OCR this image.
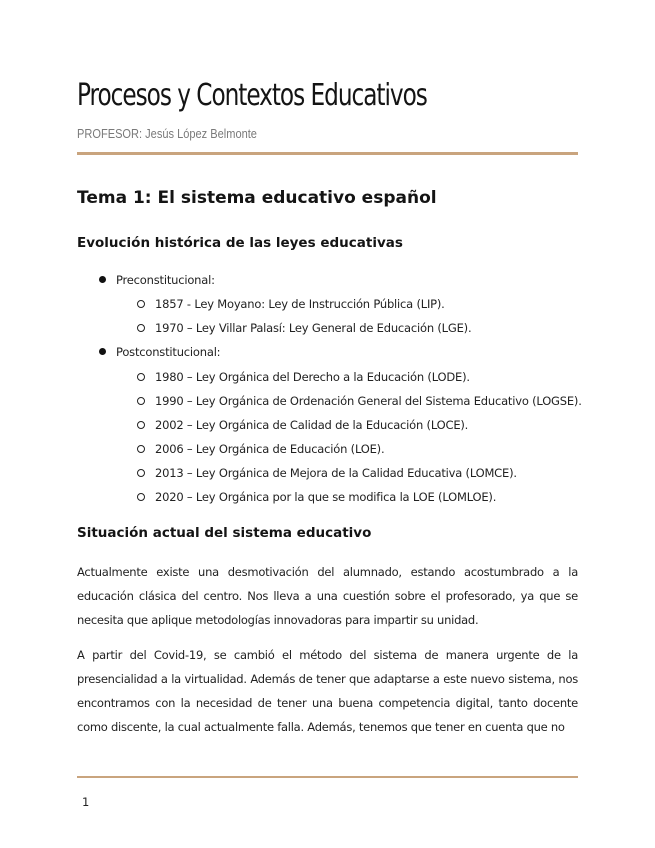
Procesos y Contextos Educativos

PROFESOR: Jesús López Belmonte

Tema 1: El sistema educativo español
Evolución histórica de las leyes educativas
Preconstitucional:
1857 - Ley Moyano: Ley de Instrucción Pública (LIP).
1970 – Ley Villar Palasí: Ley General de Educación (LGE).
Postconstitucional:
1980 – Ley Orgánica del Derecho a la Educación (LODE).
1990 – Ley Orgánica de Ordenación General del Sistema Educativo (LOGSE).
2002 – Ley Orgánica de Calidad de la Educación (LOCE).
2006 – Ley Orgánica de Educación (LOE).
2013 – Ley Orgánica de Mejora de la Calidad Educativa (LOMCE).
2020 – Ley Orgánica por la que se modifica la LOE (LOMLOE).
Situación actual del sistema educativo

Actualmente existe una desmotivación del alumnado, estando acostumbrado a la educación clásica del centro. Nos lleva a una cuestión sobre el profesorado, ya que se necesita que aplique metodologías innovadoras para impartir su unidad.

A partir del Covid-19, se cambió el método del sistema de manera urgente de la presencialidad a la virtualidad. Además de tener que adaptarse a este nuevo sistema, nos encontramos con la necesidad de tener una buena competencia digital, tanto docente como discente, la cual actualmente falla. Además, tenemos que tener en cuenta que no

1
